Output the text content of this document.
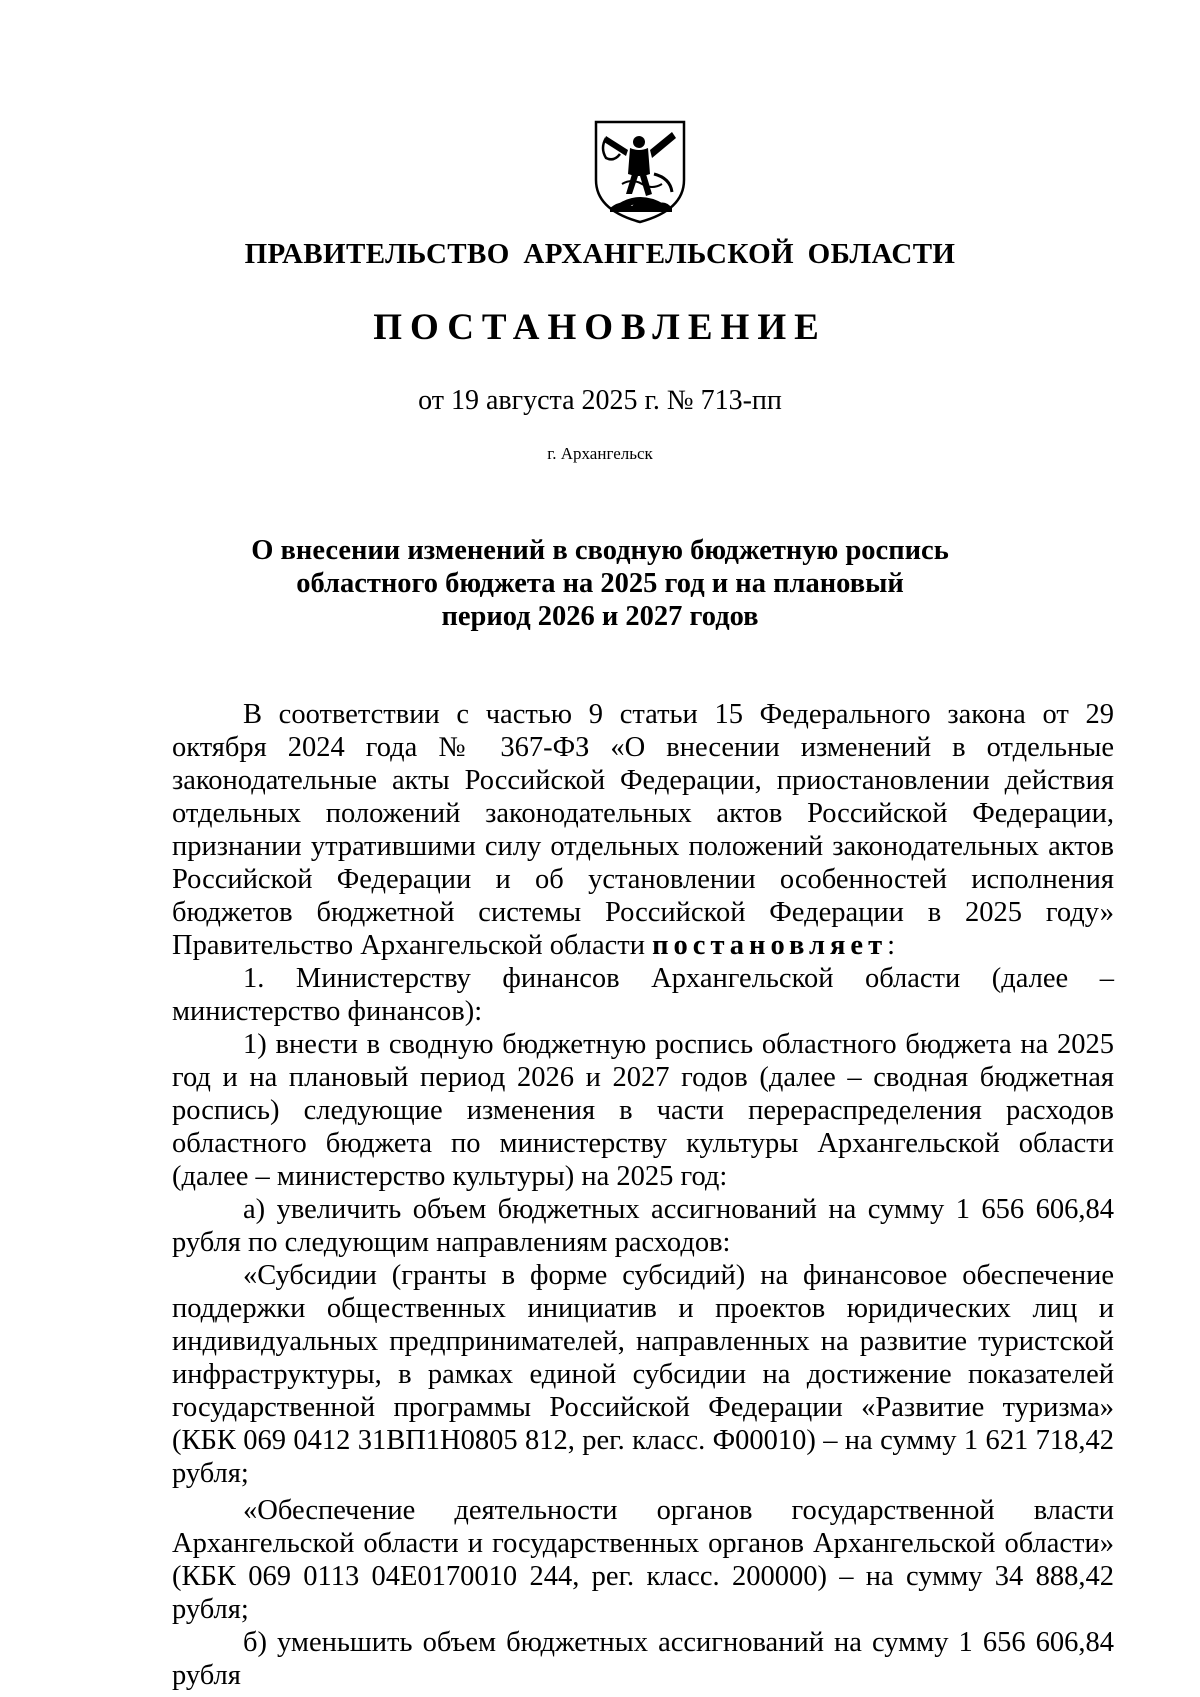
ПРАВИТЕЛЬСТВО АРХАНГЕЛЬСКОЙ ОБЛАСТИ
ПОСТАНОВЛЕНИЕ
от 19 августа 2025 г. № 713-пп
г. Архангельск
О внесении изменений в сводную бюджетную роспись областного бюджета на 2025 год и на плановый период 2026 и 2027 годов

В соответствии с частью 9 статьи 15 Федерального закона от 29 октября 2024 года № 367-ФЗ «О внесении изменений в отдельные законодательные акты Российской Федерации, приостановлении действия отдельных положений законодательных актов Российской Федерации, признании утратившими силу отдельных положений законодательных актов Российской Федерации и об установлении особенностей исполнения бюджетов бюджетной системы Российской Федерации в 2025 году» Правительство Архангельской области постановляет:

1. Министерству финансов Архангельской области (далее – министерство финансов):

1) внести в сводную бюджетную роспись областного бюджета на 2025 год и на плановый период 2026 и 2027 годов (далее – сводная бюджетная роспись) следующие изменения в части перераспределения расходов областного бюджета по министерству культуры Архангельской области (далее – министерство культуры) на 2025 год:

а) увеличить объем бюджетных ассигнований на сумму 1 656 606,84 рубля по следующим направлениям расходов:

«Субсидии (гранты в форме субсидий) на финансовое обеспечение поддержки общественных инициатив и проектов юридических лиц и индивидуальных предпринимателей, направленных на развитие туристской инфраструктуры, в рамках единой субсидии на достижение показателей государственной программы Российской Федерации «Развитие туризма» (КБК 069 0412 31ВП1Н0805 812, рег. класс. Ф00010) – на сумму 1 621 718,42 рубля;

«Обеспечение деятельности органов государственной власти Архангельской области и государственных органов Архангельской области» (КБК 069 0113 04Е0170010 244, рег. класс. 200000) – на сумму 34 888,42 рубля;

б) уменьшить объем бюджетных ассигнований на сумму 1 656 606,84 рубля
